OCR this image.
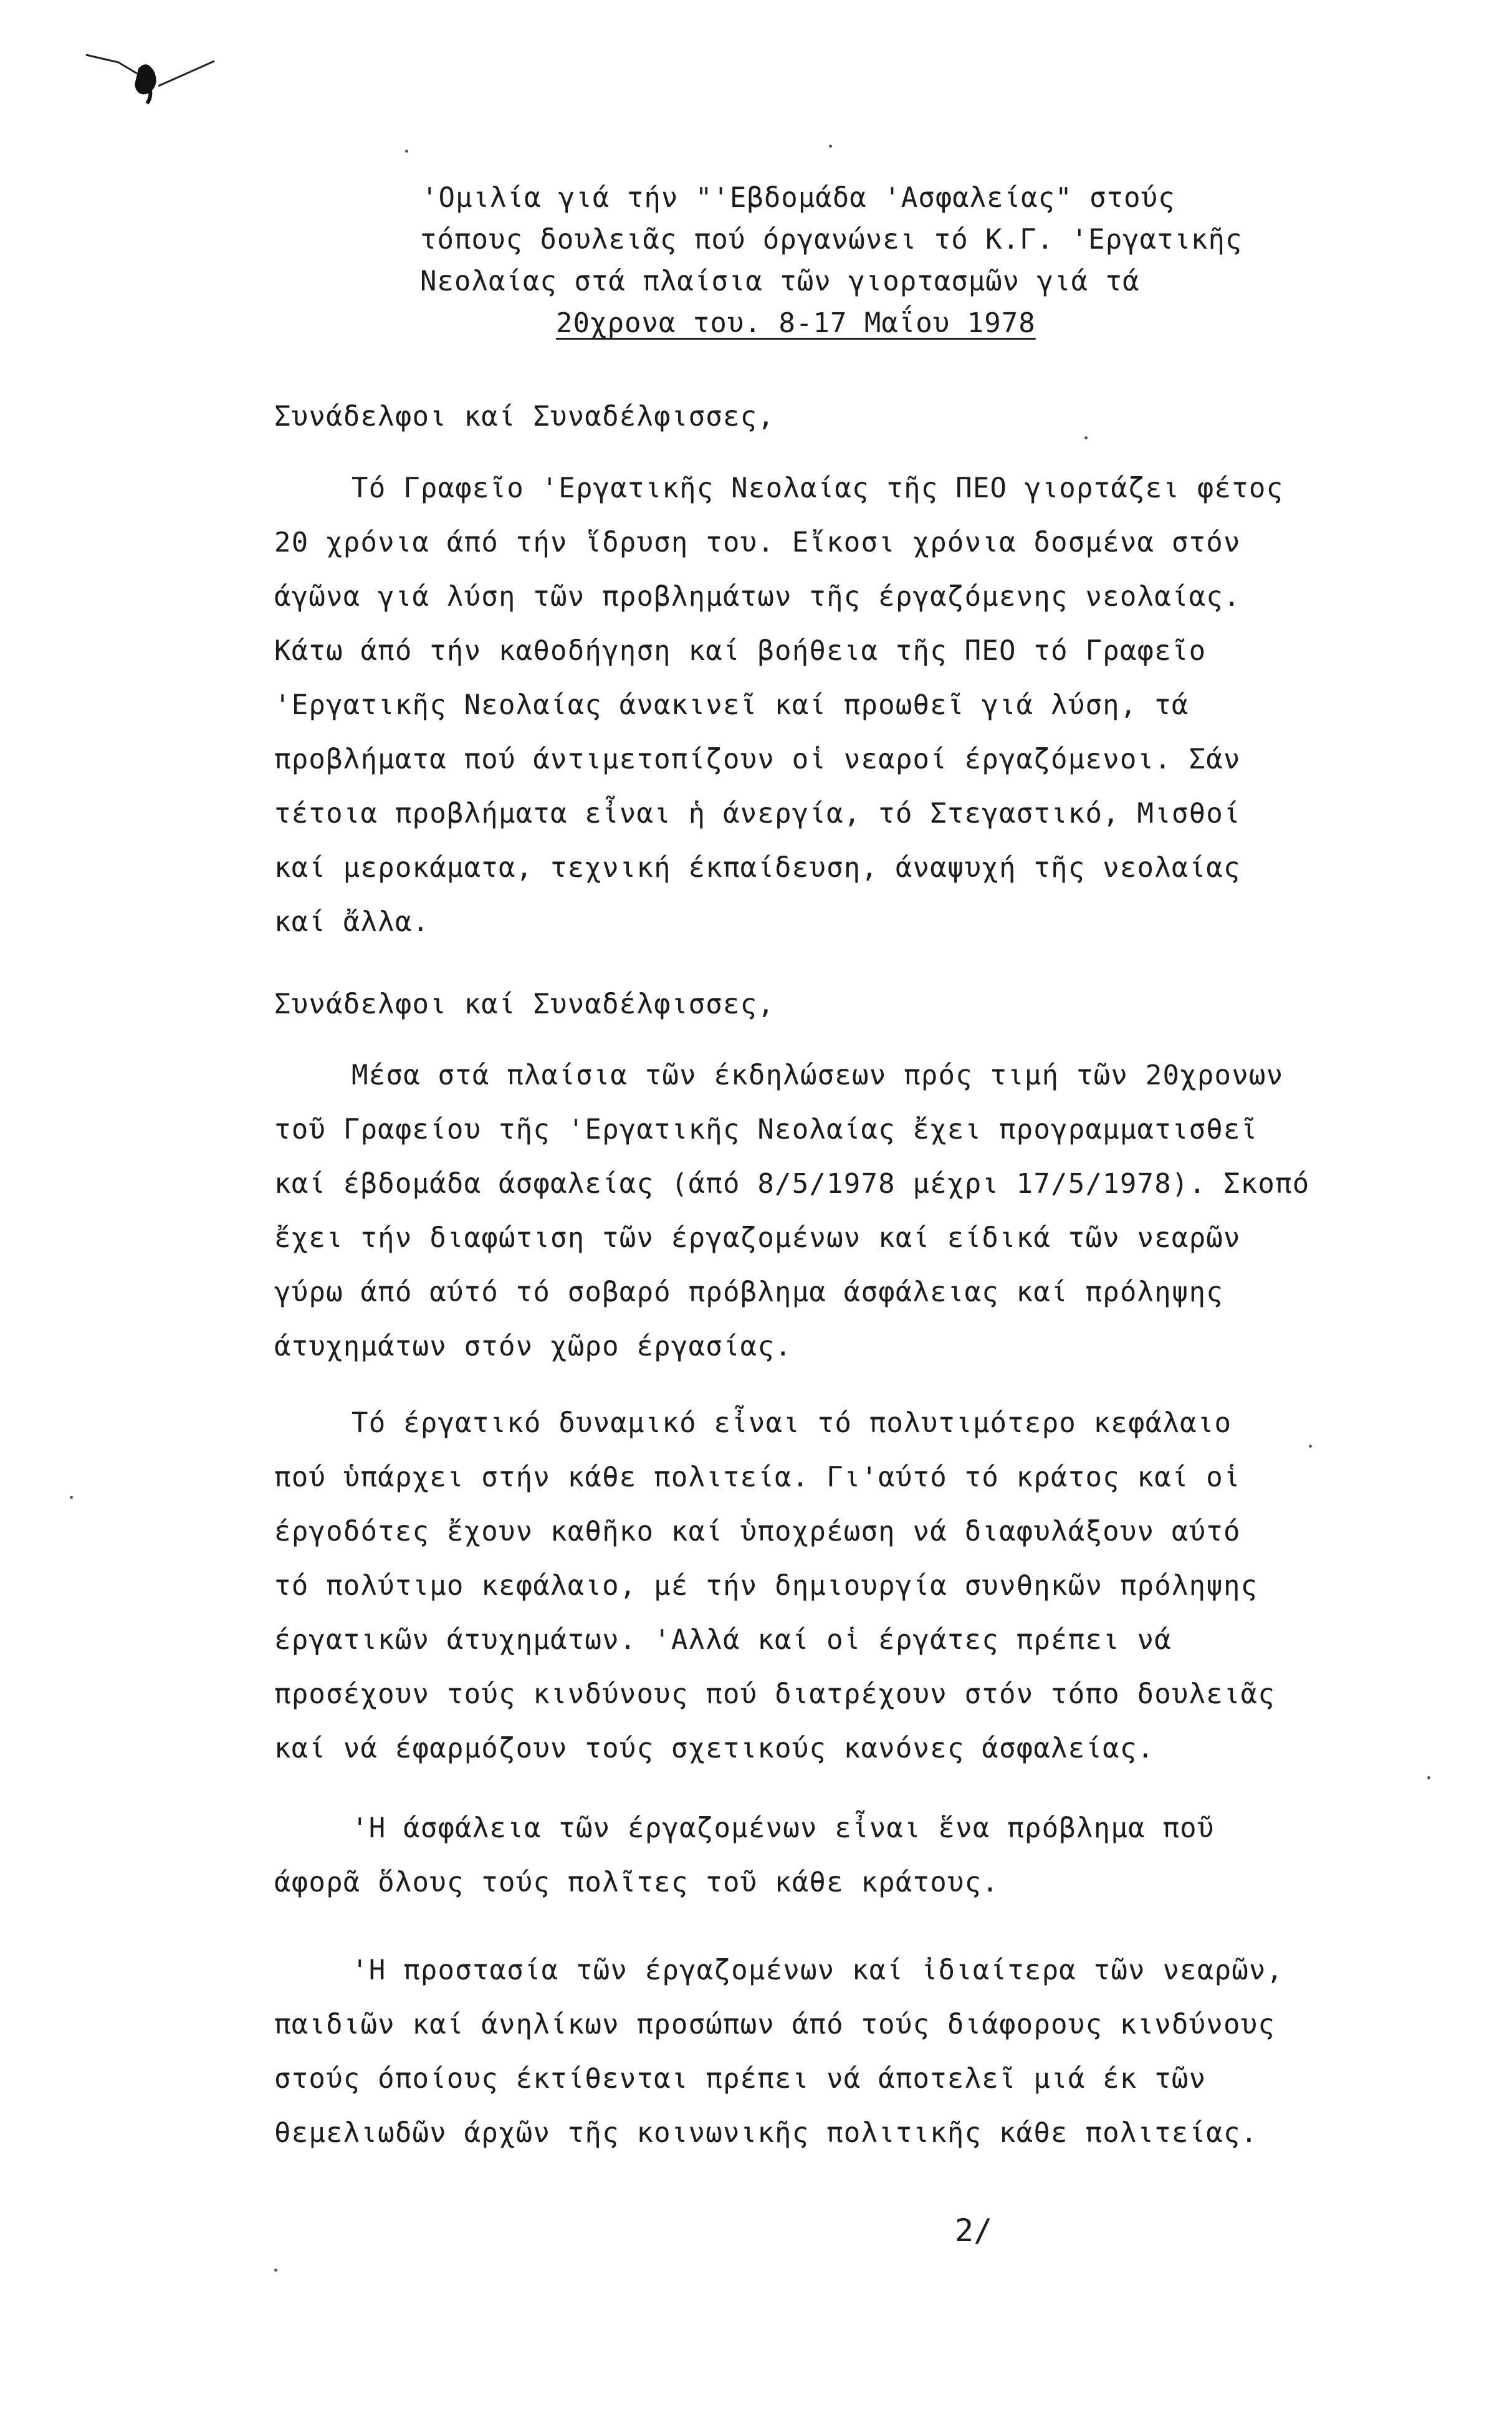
'Ομιλία γιά τήν "'Εβδομάδα 'Ασφαλείας" στούς
τόπους δουλειᾶς πού όργανώνει τό Κ.Γ. 'Εργατικῆς
Νεολαίας στά πλαίσια τῶν γιορτασμῶν γιά τά
20χρονα του. 8-17 Μαΐου 1978
Συνάδελφοι καί Συναδέλφισσες,
Τό Γραφεῖο 'Εργατικῆς Νεολαίας τῆς ΠΕΟ γιορτάζει φέτος
20 χρόνια άπό τήν ἵδρυση του. Εἴκοσι χρόνια δοσμένα στόν
άγῶνα γιά λύση τῶν προβλημάτων τῆς έργαζόμενης νεολαίας.
Κάτω άπό τήν καθοδήγηση καί βοήθεια τῆς ΠΕΟ τό Γραφεῖο
'Εργατικῆς Νεολαίας άνακινεῖ καί προωθεῖ γιά λύση, τά
προβλήματα πού άντιμετοπίζουν οἱ νεαροί έργαζόμενοι. Σάν
τέτοια προβλήματα εἶναι ἡ άνεργία, τό Στεγαστικό, Μισθοί
καί μεροκάματα, τεχνική έκπαίδευση, άναψυχή τῆς νεολαίας
καί ἄλλα.
Συνάδελφοι καί Συναδέλφισσες,
Μέσα στά πλαίσια τῶν έκδηλώσεων πρός τιμή τῶν 20χρονων
τοῦ Γραφείου τῆς 'Εργατικῆς Νεολαίας ἔχει προγραμματισθεῖ
καί έβδομάδα άσφαλείας (άπό 8/5/1978 μέχρι 17/5/1978). Σκοπό
ἔχει τήν διαφώτιση τῶν έργαζομένων καί είδικά τῶν νεαρῶν
γύρω άπό αύτό τό σοβαρό πρόβλημα άσφάλειας καί πρόληψης
άτυχημάτων στόν χῶρο έργασίας.
Τό έργατικό δυναμικό εἶναι τό πολυτιμότερο κεφάλαιο
πού ὑπάρχει στήν κάθε πολιτεία. Γι'αύτό τό κράτος καί οἱ
έργοδότες ἔχουν καθῆκο καί ὑποχρέωση νά διαφυλάξουν αύτό
τό πολύτιμο κεφάλαιο, μέ τήν δημιουργία συνθηκῶν πρόληψης
έργατικῶν άτυχημάτων. 'Αλλά καί οἱ έργάτες πρέπει νά
προσέχουν τούς κινδύνους πού διατρέχουν στόν τόπο δουλειᾶς
καί νά έφαρμόζουν τούς σχετικούς κανόνες άσφαλείας.
'Η άσφάλεια τῶν έργαζομένων εἶναι ἕνα πρόβλημα ποῦ
άφορᾶ ὅλους τούς πολῖτες τοῦ κάθε κράτους.
'Η προστασία τῶν έργαζομένων καί ἰδιαίτερα τῶν νεαρῶν,
παιδιῶν καί άνηλίκων προσώπων άπό τούς διάφορους κινδύνους
στούς όποίους έκτίθενται πρέπει νά άποτελεῖ μιά έκ τῶν
θεμελιωδῶν άρχῶν τῆς κοινωνικῆς πολιτικῆς κάθε πολιτείας.
2/
